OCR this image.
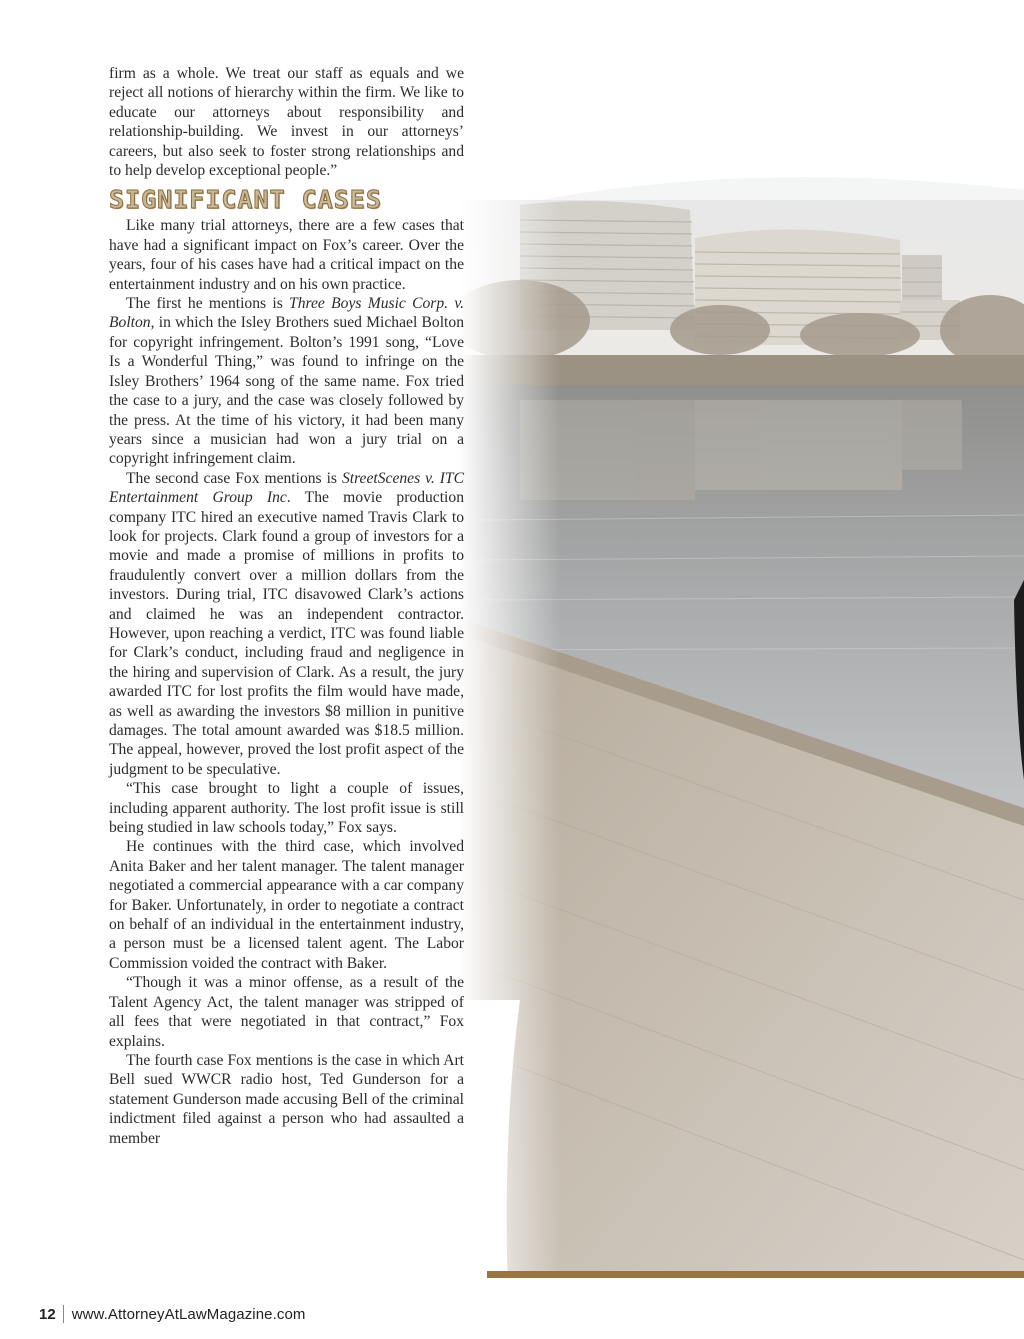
firm as a whole. We treat our staff as equals and we reject all notions of hierarchy within the firm. We like to educate our attorneys about responsibility and relationship-building. We invest in our attorneys’ careers, but also seek to foster strong relationships and to help develop exceptional people.”

SIGNIFICANT CASES

Like many trial attorneys, there are a few cases that have had a significant impact on Fox’s career. Over the years, four of his cases have had a critical impact on the entertainment industry and on his own practice.

The first he mentions is Three Boys Music Corp. v. Bolton, in which the Isley Brothers sued Michael Bolton for copyright infringement. Bolton’s 1991 song, “Love Is a Wonderful Thing,” was found to infringe on the Isley Brothers’ 1964 song of the same name. Fox tried the case to a jury, and the case was closely followed by the press. At the time of his victory, it had been many years since a musician had won a jury trial on a copyright infringement claim.

The second case Fox mentions is StreetScenes v. ITC Entertainment Group Inc. The movie production company ITC hired an executive named Travis Clark to look for projects. Clark found a group of investors for a movie and made a promise of millions in profits to fraudulently convert over a million dollars from the investors. During trial, ITC disavowed Clark’s actions and claimed he was an independent contractor. However, upon reaching a verdict, ITC was found liable for Clark’s conduct, including fraud and negligence in the hiring and supervision of Clark. As a result, the jury awarded ITC for lost profits the film would have made, as well as awarding the investors $8 million in punitive damages. The total amount awarded was $18.5 million. The appeal, however, proved the lost profit aspect of the judgment to be speculative.

“This case brought to light a couple of issues, including apparent authority. The lost profit issue is still being studied in law schools today,” Fox says.

He continues with the third case, which involved Anita Baker and her talent manager. The talent manager negotiated a commercial appearance with a car company for Baker. Unfortunately, in order to negotiate a contract on behalf of an individual in the entertainment industry, a person must be a licensed talent agent. The Labor Commission voided the contract with Baker.

“Though it was a minor offense, as a result of the Talent Agency Act, the talent manager was stripped of all fees that were negotiated in that contract,” Fox explains.

The fourth case Fox mentions is the case in which Art Bell sued WWCR radio host, Ted Gunderson for a statement Gunderson made accusing Bell of the criminal indictment filed against a person who had assaulted a member

12 www.AttorneyAtLawMagazine.com
